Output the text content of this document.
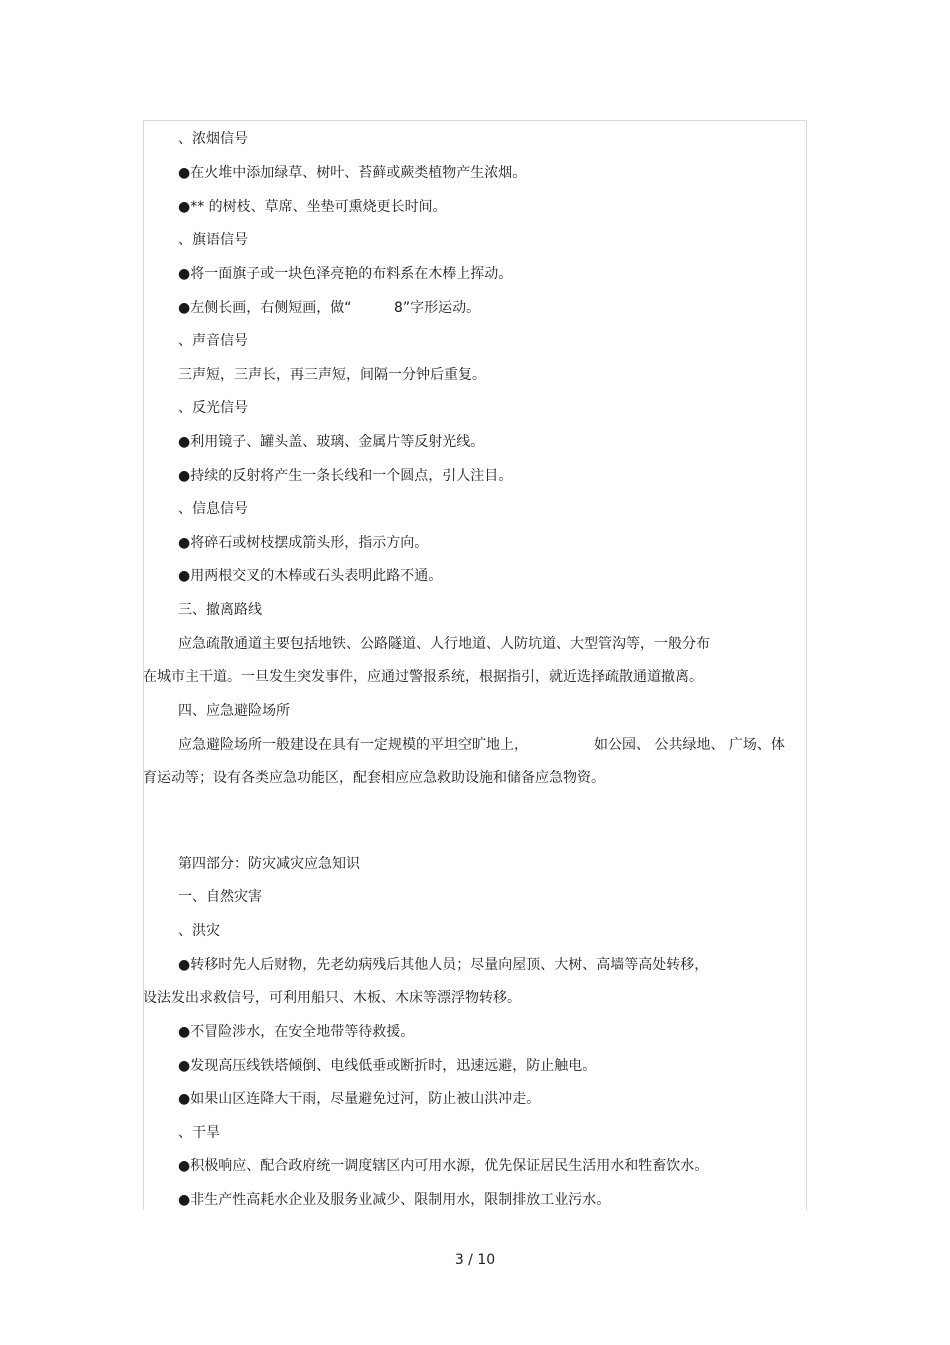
、浓烟信号
●在火堆中添加绿草、树叶、苔藓或蕨类植物产生浓烟。
●** 的树枝、草席、坐垫可熏烧更长时间。
、旗语信号
●将一面旗子或一块色泽亮艳的布料系在木棒上挥动。
●左侧长画，右侧短画，做“	8”字形运动。
、声音信号
三声短，三声长，再三声短，间隔一分钟后重复。
、反光信号
●利用镜子、罐头盖、玻璃、金属片等反射光线。
●持续的反射将产生一条长线和一个圆点，引人注目。
、信息信号
●将碎石或树枝摆成箭头形，指示方向。
●用两根交叉的木棒或石头表明此路不通。
三、撤离路线
应急疏散通道主要包括地铁、公路隧道、人行地道、人防坑道、大型管沟等，一般分布
在城市主干道。一旦发生突发事件，应通过警报系统，根据指引，就近选择疏散通道撤离。
四、应急避险场所
应急避险场所一般建设在具有一定规模的平坦空旷地上，	如公园、 公共绿地、 广场、体
育运动等；设有各类应急功能区，配套相应应急救助设施和储备应急物资。
第四部分：防灾减灾应急知识
一、自然灾害
、洪灾
●转移时先人后财物，先老幼病残后其他人员；尽量向屋顶、大树、高墙等高处转移，
设法发出求救信号，可利用船只、木板、木床等漂浮物转移。
●不冒险涉水，在安全地带等待救援。
●发现高压线铁塔倾倒、电线低垂或断折时，迅速远避，防止触电。
●如果山区连降大干雨，尽量避免过河，防止被山洪冲走。
、干旱
●积极响应、配合政府统一调度辖区内可用水源，优先保证居民生活用水和牲畜饮水。
●非生产性高耗水企业及服务业减少、限制用水，限制排放工业污水。
3 / 10
